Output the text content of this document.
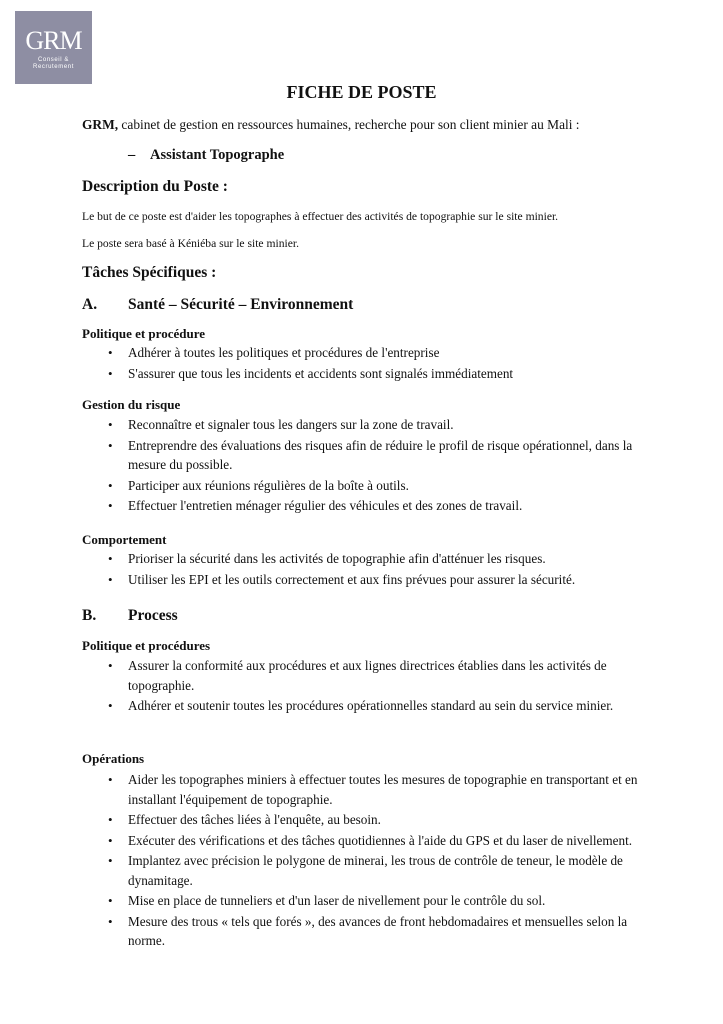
GRM
Conseil &
Recrutement
FICHE DE POSTE
GRM, cabinet de gestion en ressources humaines, recherche pour son client minier au Mali :
– Assistant Topographe
Description du Poste :
Le but de ce poste est d'aider les topographes à effectuer des activités de topographie sur le site minier.
Le poste sera basé à Kéniéba sur le site minier.
Tâches Spécifiques :
A. Santé – Sécurité – Environnement
Politique et procédure
• Adhérer à toutes les politiques et procédures de l'entreprise
• S'assurer que tous les incidents et accidents sont signalés immédiatement
Gestion du risque
• Reconnaître et signaler tous les dangers sur la zone de travail.
• Entreprendre des évaluations des risques afin de réduire le profil de risque opérationnel, dans la mesure du possible.
• Participer aux réunions régulières de la boîte à outils.
• Effectuer l'entretien ménager régulier des véhicules et des zones de travail.
Comportement
• Prioriser la sécurité dans les activités de topographie afin d'atténuer les risques.
• Utiliser les EPI et les outils correctement et aux fins prévues pour assurer la sécurité.
B. Process
Politique et procédures
• Assurer la conformité aux procédures et aux lignes directrices établies dans les activités de topographie.
• Adhérer et soutenir toutes les procédures opérationnelles standard au sein du service minier.
Opérations
• Aider les topographes miniers à effectuer toutes les mesures de topographie en transportant et en installant l'équipement de topographie.
• Effectuer des tâches liées à l'enquête, au besoin.
• Exécuter des vérifications et des tâches quotidiennes à l'aide du GPS et du laser de nivellement.
• Implantez avec précision le polygone de minerai, les trous de contrôle de teneur, le modèle de dynamitage.
• Mise en place de tunneliers et d'un laser de nivellement pour le contrôle du sol.
• Mesure des trous « tels que forés », des avances de front hebdomadaires et mensuelles selon la norme.
